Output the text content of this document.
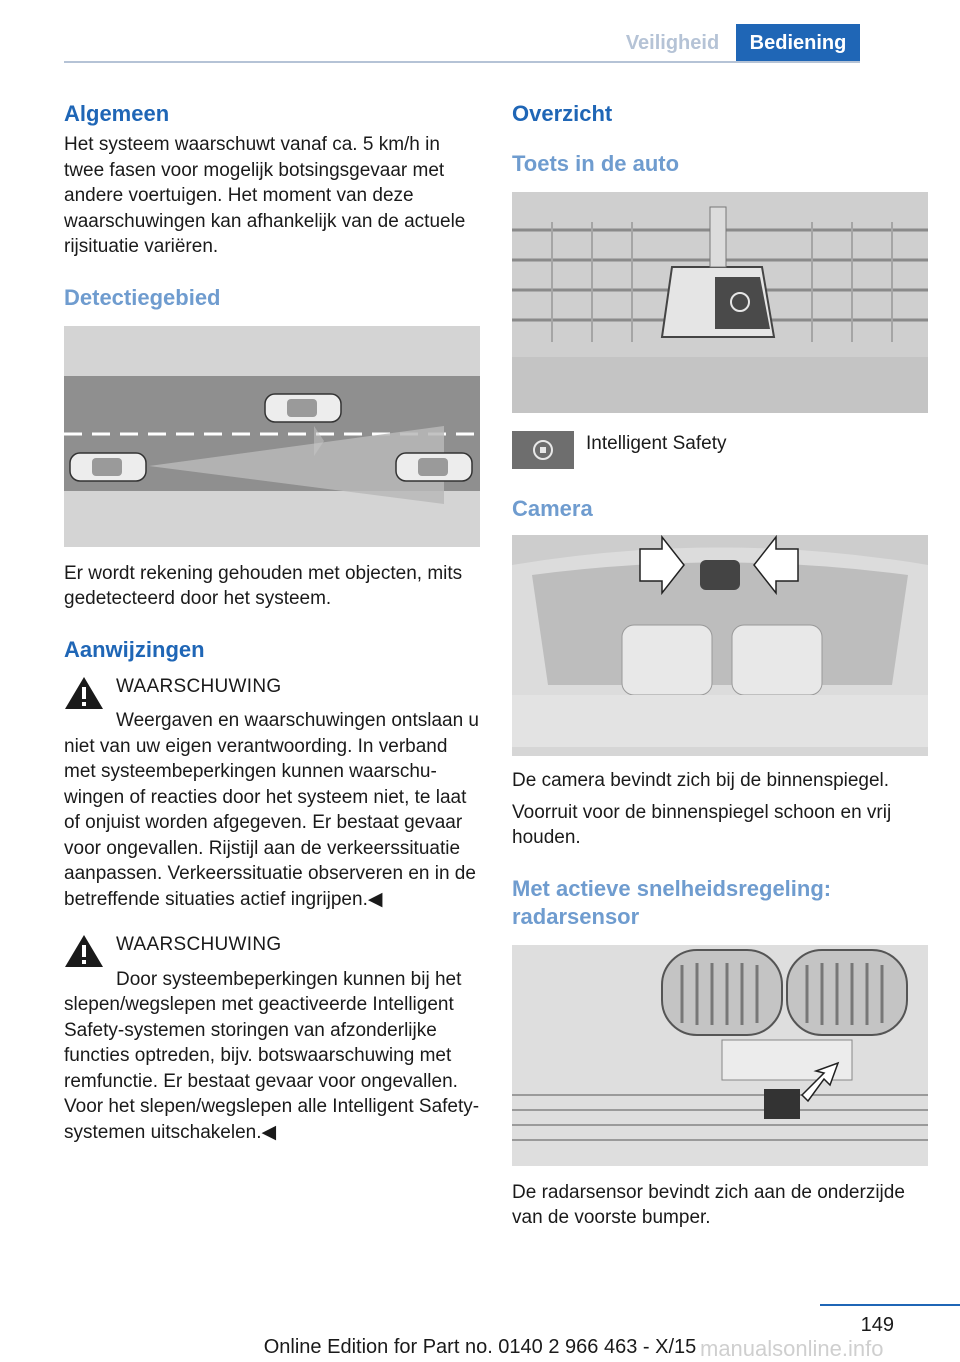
Veiligheid	Bediening
Algemeen

Het systeem waarschuwt vanaf ca. 5 km/h in twee fasen voor mogelijk botsingsgevaar met andere voertuigen. Het moment van deze waarschuwingen kan afhankelijk van de actuele rijsituatie variëren.

Detectiegebied

Er wordt rekening gehouden met objecten, mits gedetecteerd door het systeem.

Aanwijzingen
WAARSCHUWING

Weergaven en waarschuwingen ontslaan u niet van uw eigen verantwoording. In verband met systeembeperkingen kunnen waarschuwingen of reacties door het systeem niet, te laat of onjuist worden afgegeven. Er bestaat gevaar voor ongevallen. Rijstijl aan de verkeerssituatie aanpassen. Verkeerssituatie observeren en in de betreffende situaties actief ingrijpen.◀

WAARSCHUWING

Door systeembeperkingen kunnen bij het slepen/wegslepen met geactiveerde Intelligent Safety-systemen storingen van afzonderlijke functies optreden, bijv. botswaarschuwing met remfunctie. Er bestaat gevaar voor ongevallen. Voor het slepen/wegslepen alle Intelligent Safety-systemen uitschakelen.◀

Overzicht
Toets in de auto
Intelligent Safety
Camera

De camera bevindt zich bij de binnenspiegel.

Voorruit voor de binnenspiegel schoon en vrij houden.

Met actieve snelheidsregeling: radarsensor

De radarsensor bevindt zich aan de onderzijde van de voorste bumper.

149
Online Edition for Part no. 0140 2 966 463 - X/15 manualsonline.info
